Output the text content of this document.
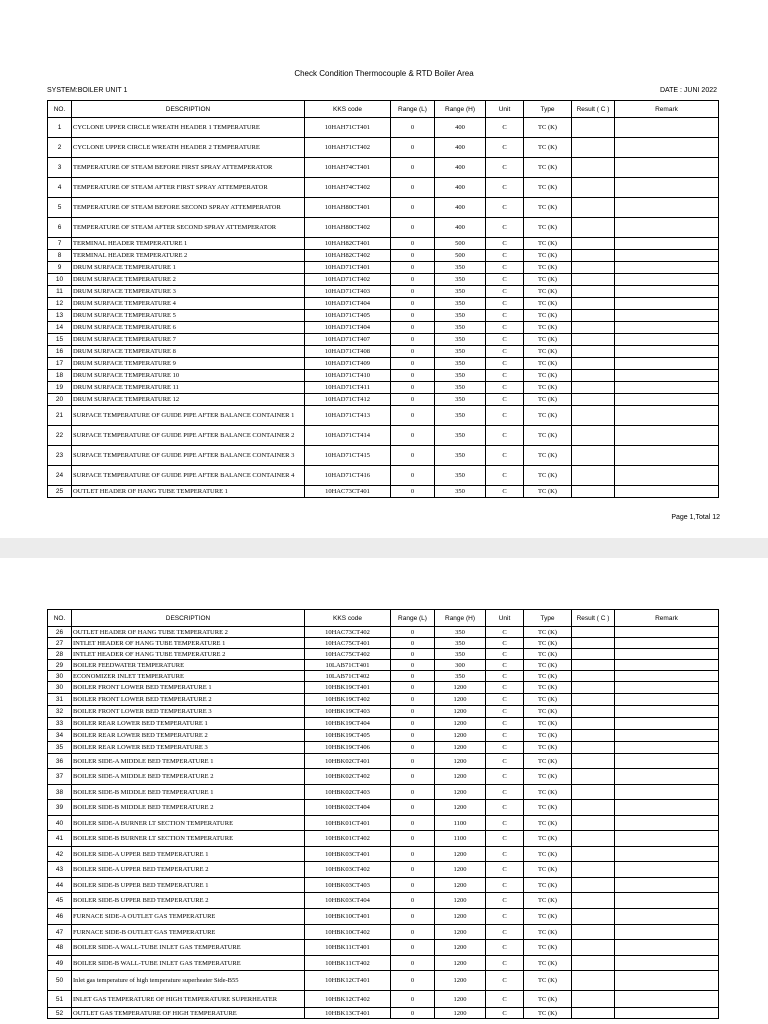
Check Condition Thermocouple & RTD Boiler Area
SYSTEM:BOILER UNIT 1	DATE : JUNI 2022
NO.	DESCRIPTION	KKS code	Range (L)	Range (H)	Unit	Type	Result ( C )	Remark
1	CYCLONE UPPER CIRCLE WREATH HEADER 1 TEMPERATURE	10HAH71CT401	0	400	C	TC (K)		
2	CYCLONE UPPER CIRCLE WREATH HEADER 2 TEMPERATURE	10HAH71CT402	0	400	C	TC (K)		
3	TEMPERATURE OF STEAM BEFORE FIRST SPRAY ATTEMPERATOR	10HAH74CT401	0	400	C	TC (K)		
4	TEMPERATURE OF STEAM AFTER FIRST SPRAY ATTEMPERATOR	10HAH74CT402	0	400	C	TC (K)		
5	TEMPERATURE OF STEAM BEFORE SECOND SPRAY ATTEMPERATOR	10HAH80CT401	0	400	C	TC (K)		
6	TEMPERATURE OF STEAM AFTER SECOND SPRAY ATTEMPERATOR	10HAH80CT402	0	400	C	TC (K)		
7	TERMINAL HEADER TEMPERATURE 1	10HAH82CT401	0	500	C	TC (K)		
8	TERMINAL HEADER TEMPERATURE 2	10HAH82CT402	0	500	C	TC (K)		
9	DRUM SURFACE TEMPERATURE 1	10HAD71CT401	0	350	C	TC (K)		
10	DRUM SURFACE TEMPERATURE 2	10HAD71CT402	0	350	C	TC (K)		
11	DRUM SURFACE TEMPERATURE 3	10HAD71CT403	0	350	C	TC (K)		
12	DRUM SURFACE TEMPERATURE 4	10HAD71CT404	0	350	C	TC (K)		
13	DRUM SURFACE TEMPERATURE 5	10HAD71CT405	0	350	C	TC (K)		
14	DRUM SURFACE TEMPERATURE 6	10HAD71CT404	0	350	C	TC (K)		
15	DRUM SURFACE TEMPERATURE 7	10HAD71CT407	0	350	C	TC (K)		
16	DRUM SURFACE TEMPERATURE 8	10HAD71CT408	0	350	C	TC (K)		
17	DRUM SURFACE TEMPERATURE 9	10HAD71CT409	0	350	C	TC (K)		
18	DRUM SURFACE TEMPERATURE 10	10HAD71CT410	0	350	C	TC (K)		
19	DRUM SURFACE TEMPERATURE 11	10HAD71CT411	0	350	C	TC (K)		
20	DRUM SURFACE TEMPERATURE 12	10HAD71CT412	0	350	C	TC (K)		
21	SURFACE TEMPERATURE OF GUIDE PIPE AFTER BALANCE CONTAINER 1	10HAD71CT413	0	350	C	TC (K)		
22	SURFACE TEMPERATURE OF GUIDE PIPE AFTER BALANCE CONTAINER 2	10HAD71CT414	0	350	C	TC (K)		
23	SURFACE TEMPERATURE OF GUIDE PIPE AFTER BALANCE CONTAINER 3	10HAD71CT415	0	350	C	TC (K)		
24	SURFACE TEMPERATURE OF GUIDE PIPE AFTER BALANCE CONTAINER 4	10HAD71CT416	0	350	C	TC (K)		
25	OUTLET HEADER OF HANG TUBE TEMPERATURE 1	10HAC73CT401	0	350	C	TC (K)		
Page 1,Total 12
NO.	DESCRIPTION	KKS code	Range (L)	Range (H)	Unit	Type	Result ( C )	Remark
26	OUTLET HEADER OF HANG TUBE TEMPERATURE 2	10HAC73CT402	0	350	C	TC (K)		
27	INTLET HEADER OF HANG TUBE TEMPERATURE 1	10HAC75CT401	0	350	C	TC (K)		
28	INTLET HEADER OF HANG TUBE TEMPERATURE 2	10HAC75CT402	0	350	C	TC (K)		
29	BOILER FEEDWATER TEMPERATURE	10LAB71CT401	0	300	C	TC (K)		
30	ECONOMIZER INLET TEMPERATURE	10LAB71CT402	0	350	C	TC (K)		
30	BOILER FRONT LOWER BED TEMPERATURE 1	10HBK19CT401	0	1200	C	TC (K)		
31	BOILER FRONT LOWER BED TEMPERATURE 2	10HBK19CT402	0	1200	C	TC (K)		
32	BOILER FRONT LOWER BED TEMPERATURE 3	10HBK19CT403	0	1200	C	TC (K)		
33	BOILER REAR LOWER BED TEMPERATURE 1	10HBK19CT404	0	1200	C	TC (K)		
34	BOILER REAR LOWER BED TEMPERATURE 2	10HBK19CT405	0	1200	C	TC (K)		
35	BOILER REAR LOWER BED TEMPERATURE 3	10HBK19CT406	0	1200	C	TC (K)		
36	BOILER SIDE-A MIDDLE BED TEMPERATURE 1	10HBK02CT401	0	1200	C	TC (K)		
37	BOILER SIDE-A MIDDLE BED TEMPERATURE 2	10HBK02CT402	0	1200	C	TC (K)		
38	BOILER SIDE-B MIDDLE BED TEMPERATURE 1	10HBK02CT403	0	1200	C	TC (K)		
39	BOILER SIDE-B MIDDLE BED TEMPERATURE 2	10HBK02CT404	0	1200	C	TC (K)		
40	BOILER SIDE-A BURNER LT SECTION TEMPERATURE	10HBK01CT401	0	1100	C	TC (K)		
41	BOILER SIDE-B BURNER LT SECTION TEMPERATURE	10HBK01CT402	0	1100	C	TC (K)		
42	BOILER SIDE-A UPPER BED TEMPERATURE 1	10HBK03CT401	0	1200	C	TC (K)		
43	BOILER SIDE-A UPPER BED TEMPERATURE 2	10HBK03CT402	0	1200	C	TC (K)		
44	BOILER SIDE-B UPPER BED TEMPERATURE 1	10HBK03CT403	0	1200	C	TC (K)		
45	BOILER SIDE-B UPPER BED TEMPERATURE 2	10HBK03CT404	0	1200	C	TC (K)		
46	FURNACE SIDE-A OUTLET GAS TEMPERATURE	10HBK10CT401	0	1200	C	TC (K)		
47	FURNACE SIDE-B OUTLET GAS TEMPERATURE	10HBK10CT402	0	1200	C	TC (K)		
48	BOILER SIDE-A WALL-TUBE INLET GAS TEMPERATURE	10HBK11CT401	0	1200	C	TC (K)		
49	BOILER SIDE-B WALL-TUBE INLET GAS TEMPERATURE	10HBK11CT402	0	1200	C	TC (K)		
50	Inlet gas temperature of high temperature superheater Side-B55	10HBK12CT401	0	1200	C	TC (K)		
51	INLET GAS TEMPERATURE OF HIGH TEMPERATURE SUPERHEATER	10HBK12CT402	0	1200	C	TC (K)		
52	OUTLET GAS TEMPERATURE OF HIGH TEMPERATURE	10HBK13CT401	0	1200	C	TC (K)		
